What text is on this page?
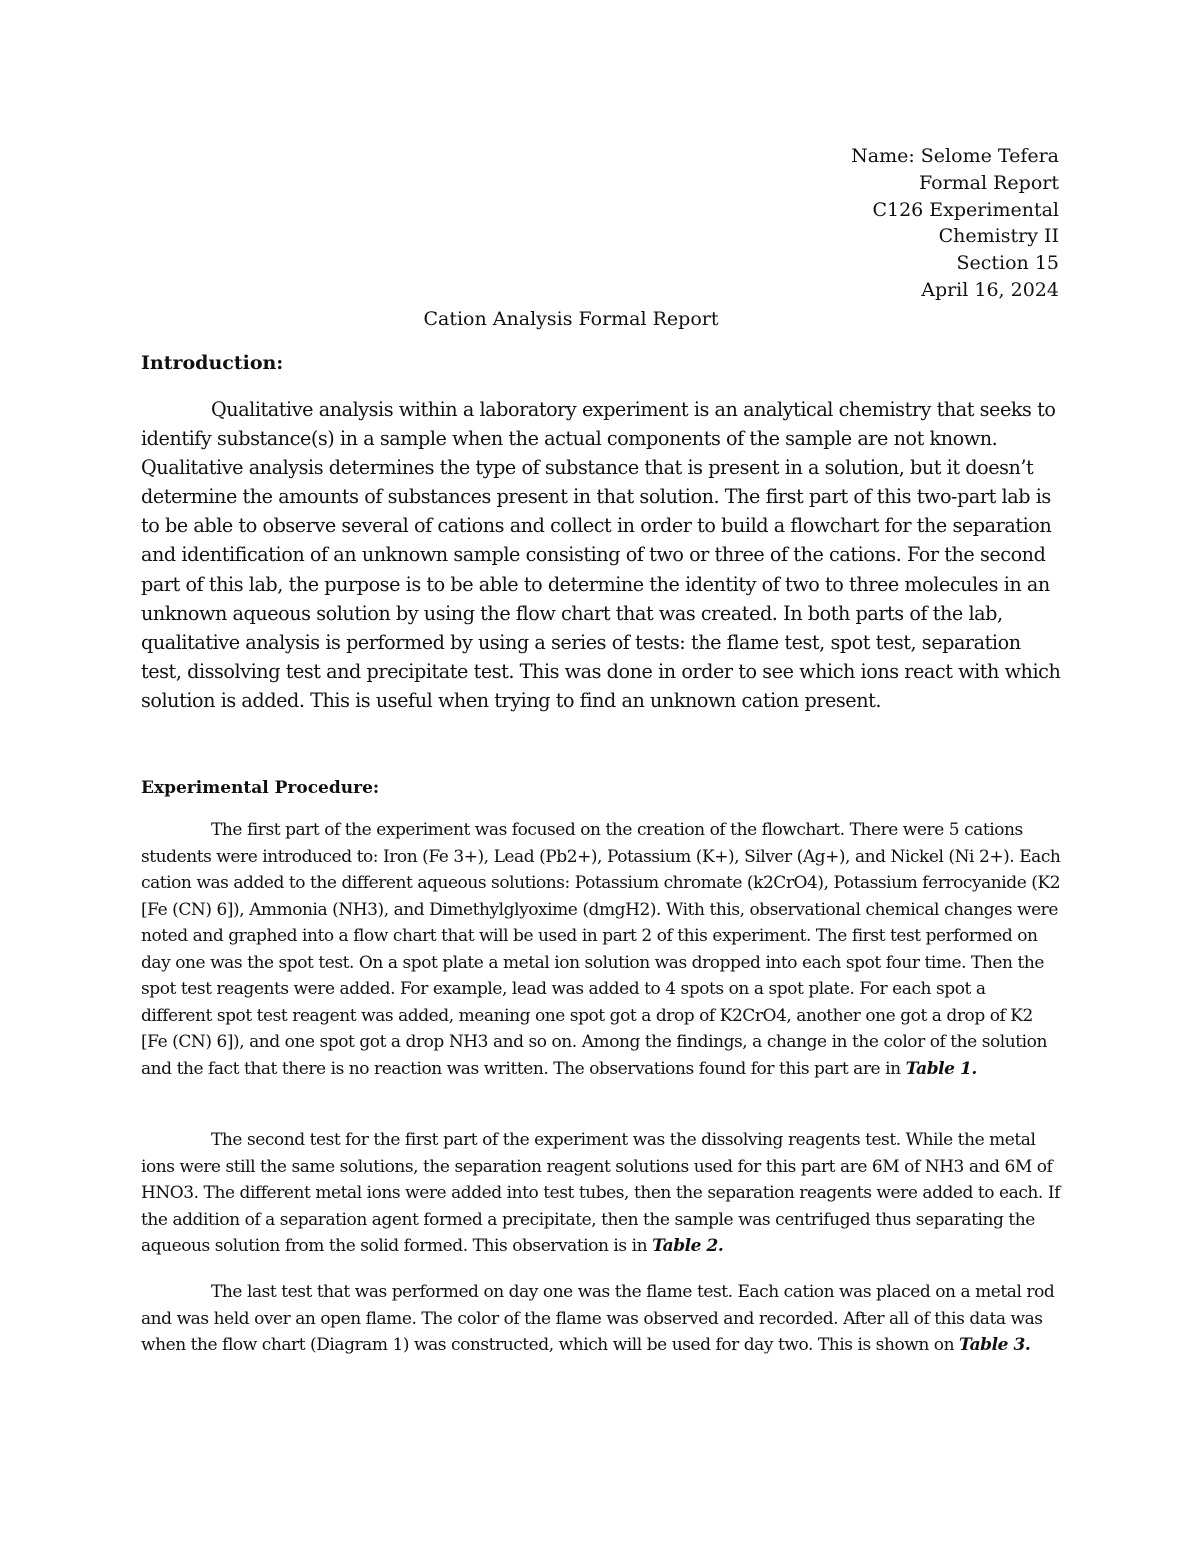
Name: Selome Tefera
Formal Report
C126 Experimental
Chemistry II
Section 15
April 16, 2024
Cation Analysis Formal Report
Introduction:

Qualitative analysis within a laboratory experiment is an analytical chemistry that seeks to identify substance(s) in a sample when the actual components of the sample are not known. Qualitative analysis determines the type of substance that is present in a solution, but it doesn’t determine the amounts of substances present in that solution. The first part of this two-part lab is to be able to observe several of cations and collect in order to build a flowchart for the separation and identification of an unknown sample consisting of two or three of the cations. For the second part of this lab, the purpose is to be able to determine the identity of two to three molecules in an unknown aqueous solution by using the flow chart that was created. In both parts of the lab, qualitative analysis is performed by using a series of tests: the flame test, spot test, separation test, dissolving test and precipitate test. This was done in order to see which ions react with which solution is added. This is useful when trying to find an unknown cation present.

Experimental Procedure:

The first part of the experiment was focused on the creation of the flowchart. There were 5 cations students were introduced to: Iron (Fe 3+), Lead (Pb2+), Potassium (K+), Silver (Ag+), and Nickel (Ni 2+). Each cation was added to the different aqueous solutions: Potassium chromate (k2CrO4), Potassium ferrocyanide (K2 [Fe (CN) 6]), Ammonia (NH3), and Dimethylglyoxime (dmgH2). With this, observational chemical changes were noted and graphed into a flow chart that will be used in part 2 of this experiment. The first test performed on day one was the spot test. On a spot plate a metal ion solution was dropped into each spot four time. Then the spot test reagents were added. For example, lead was added to 4 spots on a spot plate. For each spot a different spot test reagent was added, meaning one spot got a drop of K2CrO4, another one got a drop of K2 [Fe (CN) 6]), and one spot got a drop NH3 and so on. Among the findings, a change in the color of the solution and the fact that there is no reaction was written. The observations found for this part are in Table 1.

The second test for the first part of the experiment was the dissolving reagents test. While the metal ions were still the same solutions, the separation reagent solutions used for this part are 6M of NH3 and 6M of HNO3. The different metal ions were added into test tubes, then the separation reagents were added to each. If the addition of a separation agent formed a precipitate, then the sample was centrifuged thus separating the aqueous solution from the solid formed. This observation is in Table 2.

The last test that was performed on day one was the flame test. Each cation was placed on a metal rod and was held over an open flame. The color of the flame was observed and recorded. After all of this data was when the flow chart (Diagram 1) was constructed, which will be used for day two. This is shown on Table 3.
